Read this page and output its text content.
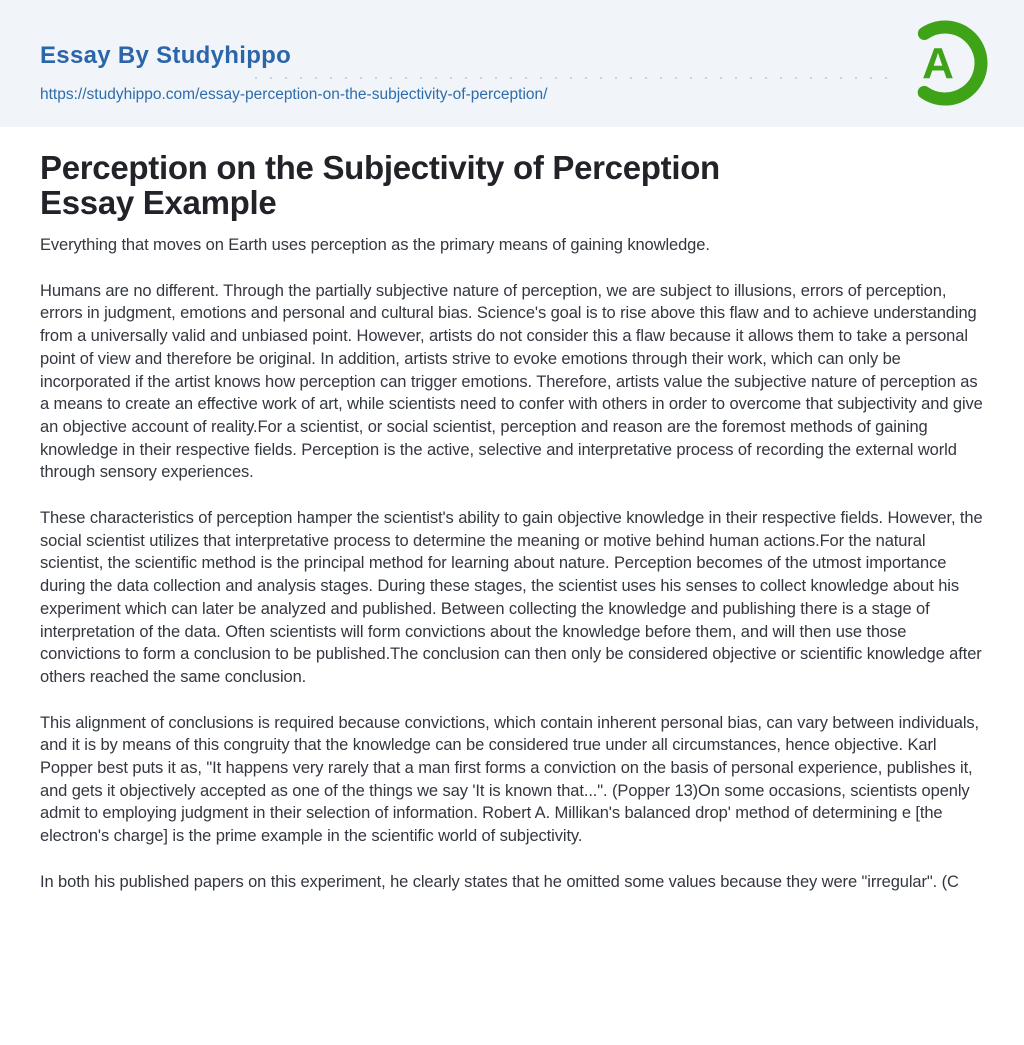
Essay By Studyhippo
https://studyhippo.com/essay-perception-on-the-subjectivity-of-perception/
A
Perception on the Subjectivity of Perception
Essay Example

Everything that moves on Earth uses perception as the primary means of gaining knowledge.

Humans are no different. Through the partially subjective nature of perception, we are subject to illusions, errors of perception, errors in judgment, emotions and personal and cultural bias. Science's goal is to rise above this flaw and to achieve understanding from a universally valid and unbiased point. However, artists do not consider this a flaw because it allows them to take a personal point of view and therefore be original. In addition, artists strive to evoke emotions through their work, which can only be incorporated if the artist knows how perception can trigger emotions. Therefore, artists value the subjective nature of perception as a means to create an effective work of art, while scientists need to confer with others in order to overcome that subjectivity and give an objective account of reality.For a scientist, or social scientist, perception and reason are the foremost methods of gaining knowledge in their respective fields. Perception is the active, selective and interpretative process of recording the external world through sensory experiences.

These characteristics of perception hamper the scientist's ability to gain objective knowledge in their respective fields. However, the social scientist utilizes that interpretative process to determine the meaning or motive behind human actions.For the natural scientist, the scientific method is the principal method for learning about nature. Perception becomes of the utmost importance during the data collection and analysis stages. During these stages, the scientist uses his senses to collect knowledge about his experiment which can later be analyzed and published. Between collecting the knowledge and publishing there is a stage of interpretation of the data. Often scientists will form convictions about the knowledge before them, and will then use those convictions to form a conclusion to be published.The conclusion can then only be considered objective or scientific knowledge after others reached the same conclusion.

This alignment of conclusions is required because convictions, which contain inherent personal bias, can vary between individuals, and it is by means of this congruity that the knowledge can be considered true under all circumstances, hence objective. Karl Popper best puts it as, "It happens very rarely that a man first forms a conviction on the basis of personal experience, publishes it, and gets it objectively accepted as one of the things we say 'It is known that...". (Popper 13)On some occasions, scientists openly admit to employing judgment in their selection of information. Robert A. Millikan's balanced drop' method of determining e [the electron's charge] is the prime example in the scientific world of subjectivity.

In both his published papers on this experiment, he clearly states that he omitted some values because they were "irregular". (C
